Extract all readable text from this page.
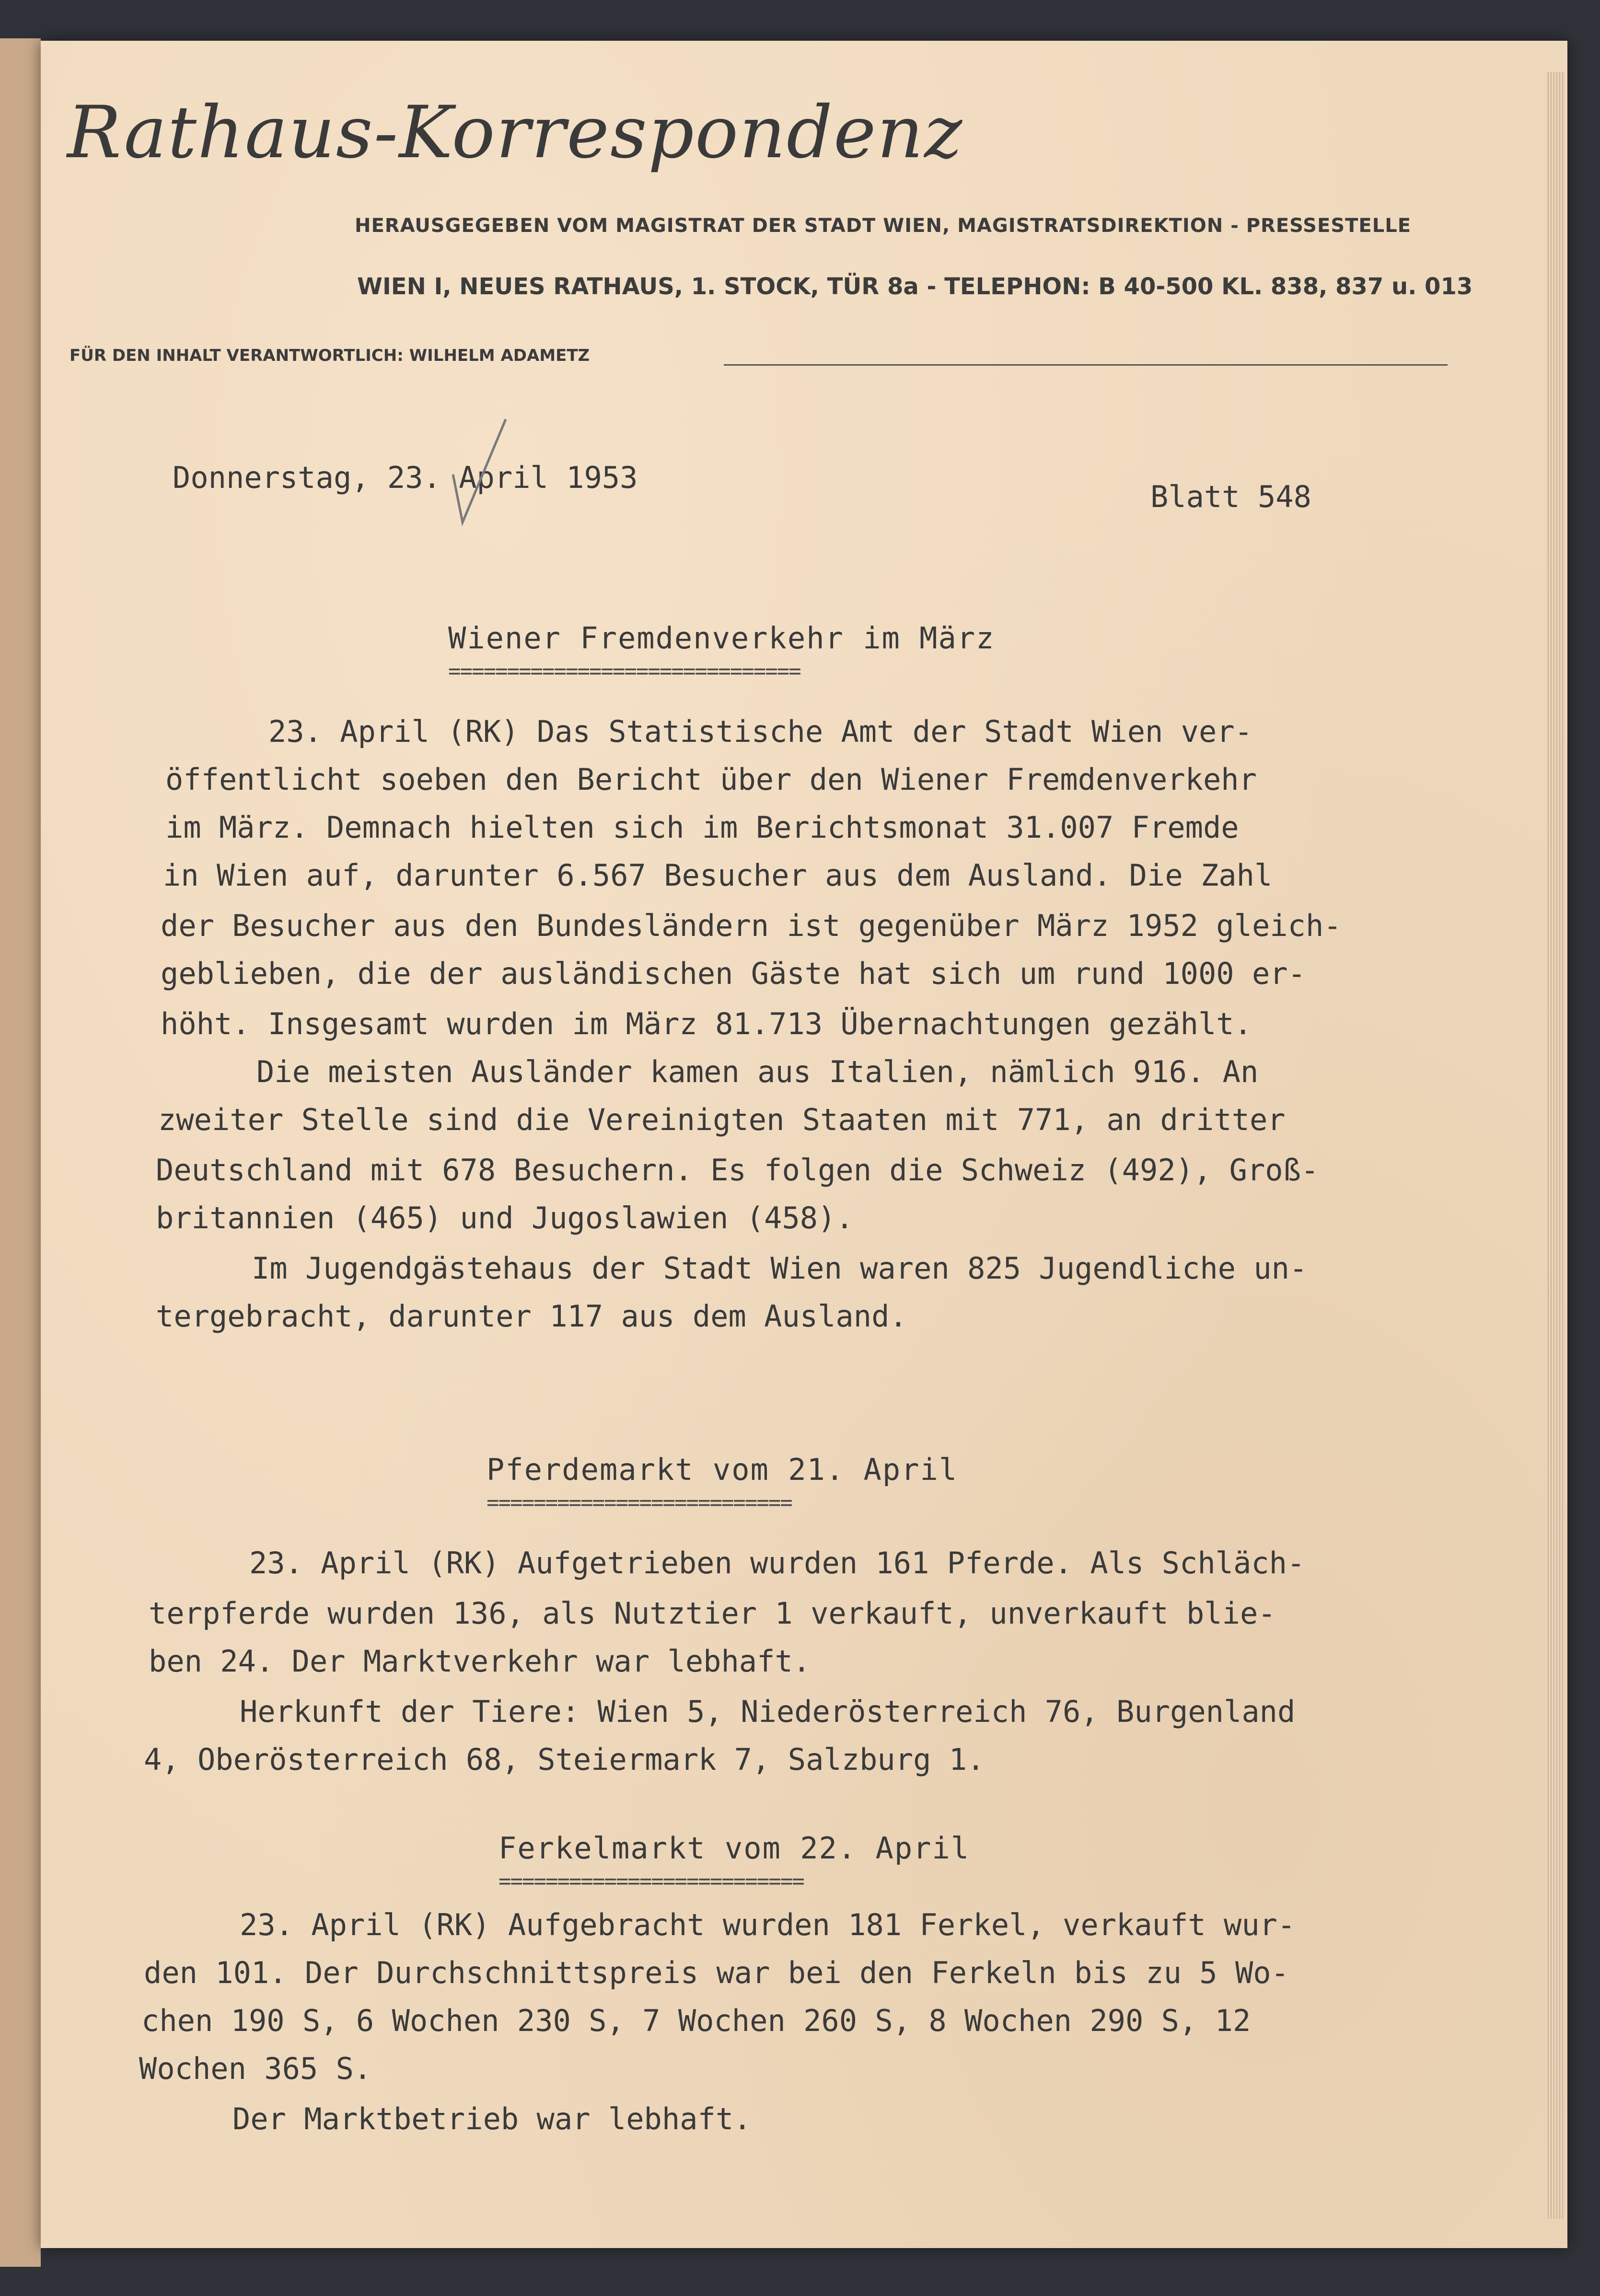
Rathaus-Korrespondenz
HERAUSGEGEBEN VOM MAGISTRAT DER STADT WIEN, MAGISTRATSDIREKTION - PRESSESTELLE
WIEN I, NEUES RATHAUS, 1. STOCK, TÜR 8a - TELEPHON: B 40-500 KL. 838, 837 u. 013
FÜR DEN INHALT VERANTWORTLICH: WILHELM ADAMETZ
Donnerstag, 23. April 1953
Blatt 548
Wiener Fremdenverkehr im März
==============================
23. April (RK) Das Statistische Amt der Stadt Wien ver-
öffentlicht soeben den Bericht über den Wiener Fremdenverkehr
im März. Demnach hielten sich im Berichtsmonat 31.007 Fremde
in Wien auf, darunter 6.567 Besucher aus dem Ausland. Die Zahl
der Besucher aus den Bundesländern ist gegenüber März 1952 gleich-
geblieben, die der ausländischen Gäste hat sich um rund 1000 er-
höht. Insgesamt wurden im März 81.713 Übernachtungen gezählt.
Die meisten Ausländer kamen aus Italien, nämlich 916. An
zweiter Stelle sind die Vereinigten Staaten mit 771, an dritter
Deutschland mit 678 Besuchern. Es folgen die Schweiz (492), Groß-
britannien (465) und Jugoslawien (458).
Im Jugendgästehaus der Stadt Wien waren 825 Jugendliche un-
tergebracht, darunter 117 aus dem Ausland.
Pferdemarkt vom 21. April
==========================
23. April (RK) Aufgetrieben wurden 161 Pferde. Als Schläch-
terpferde wurden 136, als Nutztier 1 verkauft, unverkauft blie-
ben 24. Der Marktverkehr war lebhaft.
Herkunft der Tiere: Wien 5, Niederösterreich 76, Burgenland
4, Oberösterreich 68, Steiermark 7, Salzburg 1.
Ferkelmarkt vom 22. April
==========================
23. April (RK) Aufgebracht wurden 181 Ferkel, verkauft wur-
den 101. Der Durchschnittspreis war bei den Ferkeln bis zu 5 Wo-
chen 190 S, 6 Wochen 230 S, 7 Wochen 260 S, 8 Wochen 290 S, 12
Wochen 365 S.
Der Marktbetrieb war lebhaft.
